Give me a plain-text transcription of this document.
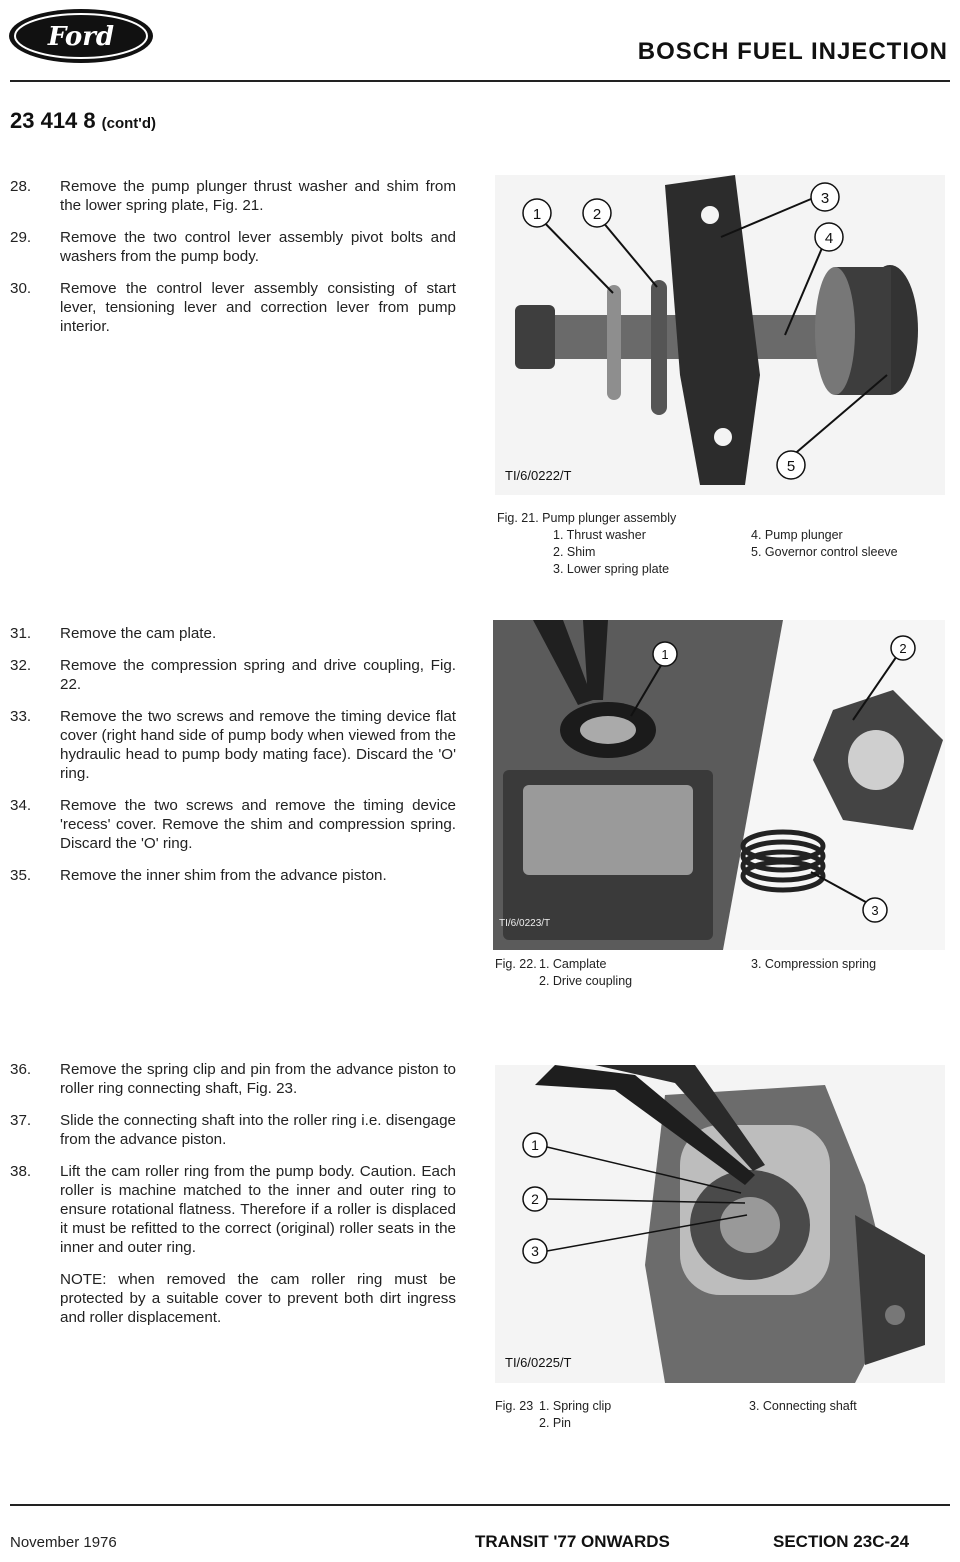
Ford	BOSCH FUEL INJECTION
23 414 8 (cont'd)
28.	Remove the pump plunger thrust washer and shim from the lower spring plate, Fig. 21.
29.	Remove the two control lever assembly pivot bolts and washers from the pump body.
30.	Remove the control lever assembly consisting of start lever, tensioning lever and correction lever from pump interior.
31.	Remove the cam plate.
32.	Remove the compression spring and drive coupling, Fig. 22.
33.	Remove the two screws and remove the timing device flat cover (right hand side of pump body when viewed from the hydraulic head to pump body mating face). Discard the 'O' ring.
34.	Remove the two screws and remove the timing device 'recess' cover. Remove the shim and compression spring. Discard the 'O' ring.
35.	Remove the inner shim from the advance piston.
36.	Remove the spring clip and pin from the advance piston to roller ring connecting shaft, Fig. 23.
37.	Slide the connecting shaft into the roller ring i.e. disengage from the advance piston.
38.	Lift the cam roller ring from the pump body. Caution. Each roller is machine matched to the inner and outer ring to ensure rotational flatness. Therefore if a roller is displaced it must be refitted to the correct (original) roller seats in the inner and outer ring.
NOTE: when removed the cam roller ring must be protected by a suitable cover to prevent both dirt ingress and roller displacement.
1	2
3
4
5
TI/6/0222/T
Fig. 21. Pump plunger assembly
1. Thrust washer
2. Shim
3. Lower spring plate
4. Pump plunger
5. Governor control sleeve
1	2
3
TI/6/0223/T
Fig. 22. 1. Camplate
2. Drive coupling
3. Compression spring
1
2
3
TI/6/0225/T
Fig. 23 1. Spring clip
2. Pin
3. Connecting shaft
November 1976	TRANSIT '77 ONWARDS	SECTION 23C-24
